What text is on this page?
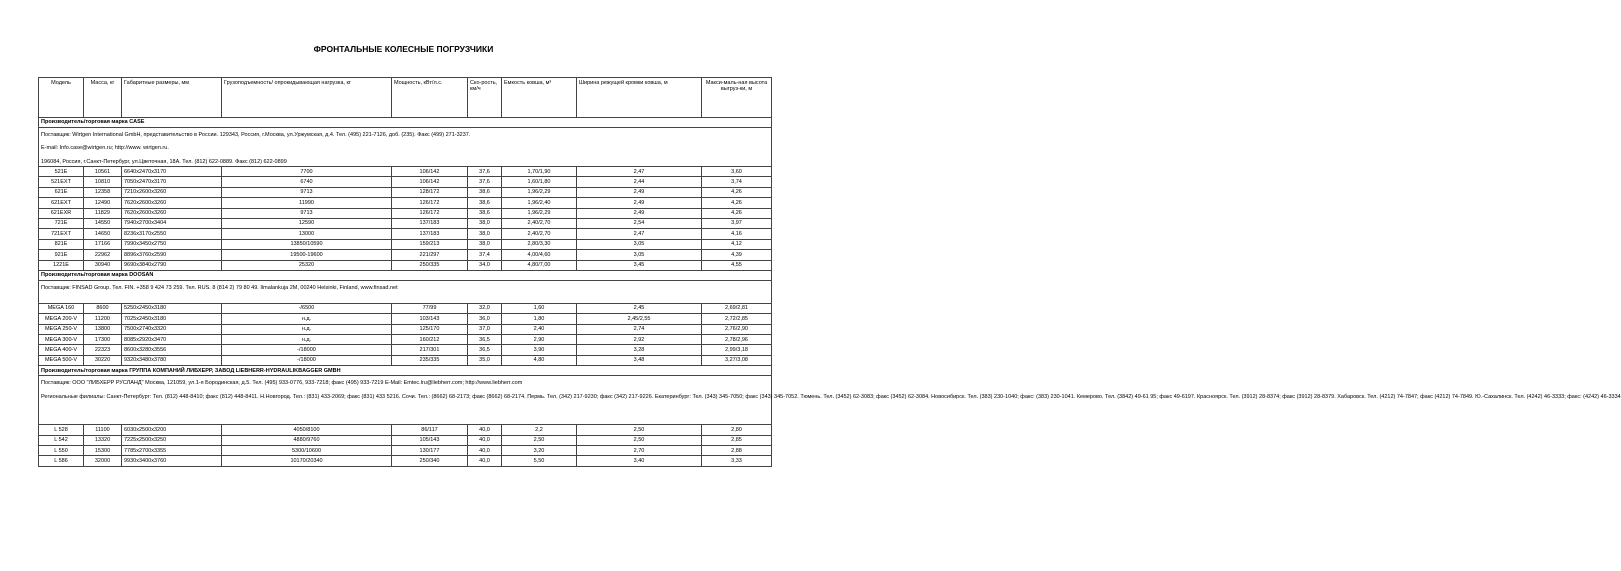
ФРОНТАЛЬНЫЕ КОЛЕСНЫЕ ПОГРУЗЧИКИ
Модель	Масса, кг	Габаритные размеры, мм	Грузоподъемность/ опрокидывающая нагрузка, кг	Мощность, кВт/л.с.	Ско-рость, км/ч	Емкость ковша, м³	Ширина режущей кромки ковша, м	Макси-маль-ная высота выгруз-ки, м
Производитель/торговая марка CASE								

Поставщик: Wirtgen International GmbH, представительство в России. 129343, Россия, г.Москва, ул.Уржумская, д.4. Тел. (495) 221-7126, доб. (235). Факс (499) 271-3237.
E-mail: Info.case@wirtgen.ru; http://www. wirtgen.ru.
196084, Россия, г.Санкт-Петербург, ул.Цветочная, 18А. Тел. (812) 622-0889. Факс (812) 622-0899								

521E	10561	6640x2470x3170	7700	106/142	37,6	1,70/1,90	2,47	3,60
521EXT	10810	7050x2470x3170	6740	106/142	37,6	1,60/1,80	2,44	3,74
621E	12358	7210x2600x3260	9713	128/172	38,6	1,96/2,29	2,49	4,26
621EXT	12490	7620x2600x3260	11990	126/172	38,6	1,96/2,40	2,49	4,26
621EXR	11829	7620x2600x3260	9713	126/172	38,6	1,96/2,29	2,49	4,26
721E	14550	7940x2700x3404	12590	137/183	38,0	2,40/2,70	2,54	3,97
721EXT	14650	8236x3170x2550	13000	137/183	38,0	2,40/2,70	2,47	4,16
821E	17166	7990x3450x2750	13850/10590	159/213	38,0	2,80/3,30	3,05	4,12
921E	22962	8896x3760x2590	19500-19600	221/297	37,4	4,00/4,60	3,05	4,39
1221E	30940	9690x3840x2790	25320	250/335	34,0	4,80/7,00	3,45	4,55
Производитель/торговая марка DOOSAN								

Поставщик: FINSAD Group. Тел. FIN. +358 9 424 73 259. Тел. RUS. 8 (814 2) 79 80 49. Ilmalankuja 2M, 00240 Helsinki, Finland, www.finsad.net								

MEGA 160	8600	5250x2450x3180	-/6500	77/99	32,0	1,60	2,45	2,69/2,81
MEGA 200-V	11200	7025x2450x3180	н.д.	103/143	36,0	1,80	2,45/2,55	2,72/2,85
MEGA 250-V	13800	7500x2740x3320	н.д.	125/170	37,0	2,40	2,74	2,76/2,90
MEGA 300-V	17300	8085x2920x3470	н.д.	160/212	36,5	2,90	2,92	2,78/2,96
MEGA 400-V	22323	8600x3280x3556	-/18000	217/301	36,5	3,90	3,28	2,99/3,18
MEGA 500-V	30220	9320x3480x3780	-/18000	235/335	35,0	4,80	3,48	3,27/3,08
Производитель/торговая марка ГРУППА КОМПАНИЙ ЛИБХЕРР, ЗАВОД LIEBHERR-HYDRAULIKBAGGER GMBH								

Поставщик: ООО "ЛИБХЕРР РУСЛАНД" Москва, 121059, ул.1-я Бородинская, д.5. Тел. (495) 933-0776, 933-7218; факс (495) 933-7219 E-Mail: Emtec.lru@liebherr.com; http://www.liebherr.com
Региональные филиалы: Санкт-Петербург: Тел. (812) 448-8410; факс (812) 448-8411. Н.Новгород. Тел.: (831) 433-2069; факс (831) 433 5216. Сочи. Тел.: (8662) 68-2173; факс (8662) 68-2174. Пермь. Тел. (342) 217-9230; факс (342) 217-9226. Екатеринбург: Тел. (343) 345-7050; факс (343) 345-7052. Тюмень. Тел. (3452) 62-3083; факс (3452) 62-3084. Новосибирск. Тел. (383) 230-1040; факс: (383) 230-1041. Кемерово. Тел. (3842) 49-61 95; факс 49-6197. Красноярск. Тел. (3912) 28-8374; факс (3912) 28-8379. Хабаровск. Тел. (4212) 74-7847; факс (4212) 74-7849. Ю.-Сахалинск. Тел. (4242) 46-3333; факс: (4242) 46-3334								

L 528	11100	6030x2500x3200	4050/8100	86/117	40,0	2,2	2,50	2,80
L 542	13320	7225x2500x3250	4880/9760	105/143	40,0	2,50	2,50	2,85
L 550	15300	7785x2700x3355	5300/10600	130/177	40,0	3,20	2,70	2,88
L 586	32000	9930x3400x3760	10170/20340	250/340	40,0	5,50	3,40	3,33
